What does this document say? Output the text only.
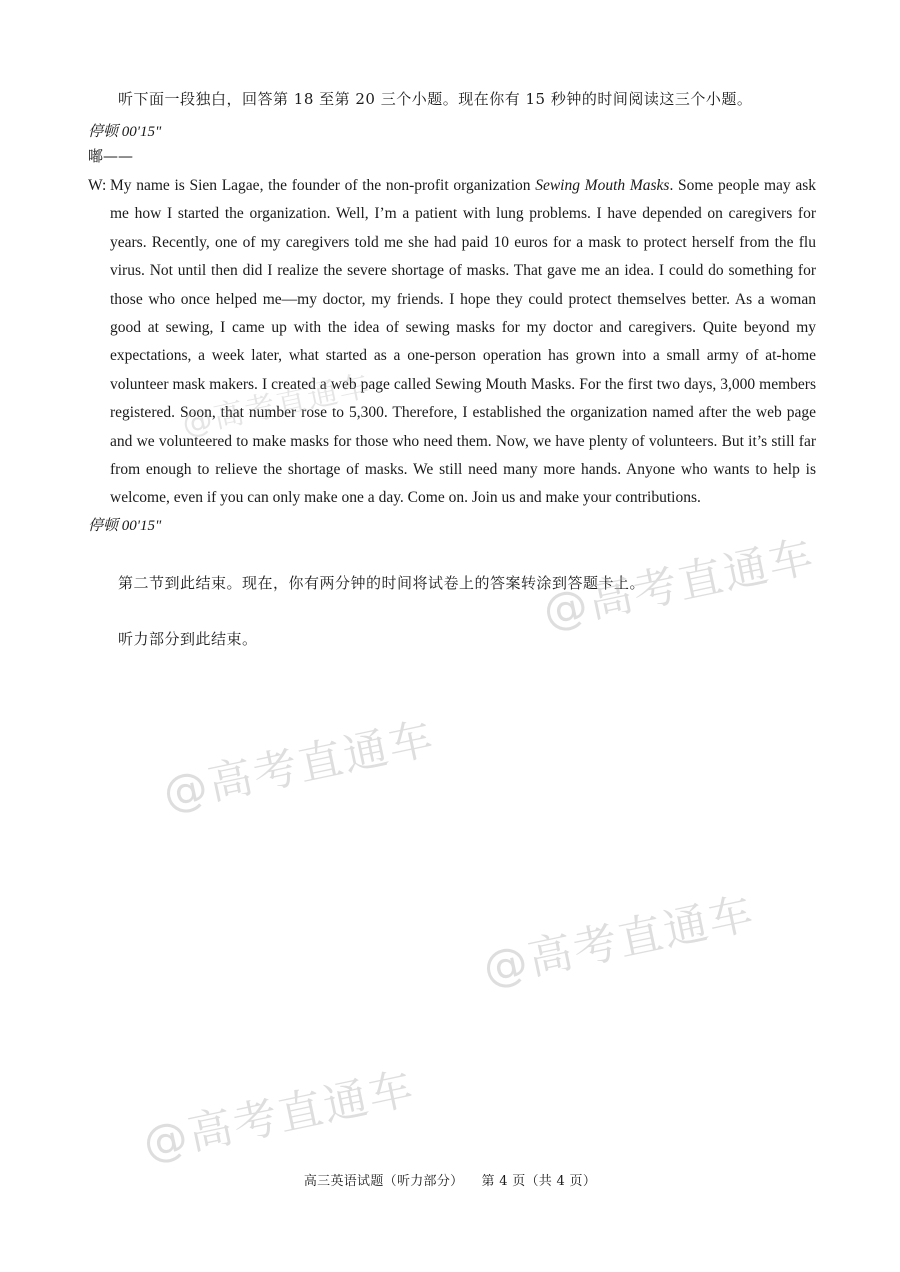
听下面一段独白，回答第 18 至第 20 三个小题。现在你有 15 秒钟的时间阅读这三个小题。
停顿 00'15"
嘟——
W: My name is Sien Lagae, the founder of the non-profit organization Sewing Mouth Masks. Some people may ask me how I started the organization. Well, I’m a patient with lung problems. I have depended on caregivers for years. Recently, one of my caregivers told me she had paid 10 euros for a mask to protect herself from the flu virus. Not until then did I realize the severe shortage of masks. That gave me an idea. I could do something for those who once helped me—my doctor, my friends. I hope they could protect themselves better. As a woman good at sewing, I came up with the idea of sewing masks for my doctor and caregivers. Quite beyond my expectations, a week later, what started as a one-person operation has grown into a small army of at-home volunteer mask makers. I created a web page called Sewing Mouth Masks. For the first two days, 3,000 members registered. Soon, that number rose to 5,300. Therefore, I established the organization named after the web page and we volunteered to make masks for those who need them. Now, we have plenty of volunteers. But it’s still far from enough to relieve the shortage of masks. We still need many more hands. Anyone who wants to help is welcome, even if you can only make one a day. Come on. Join us and make your contributions.
停顿 00'15"
第二节到此结束。现在，你有两分钟的时间将试卷上的答案转涂到答题卡上。
听力部分到此结束。
高三英语试题（听力部分） 第 4 页（共 4 页）
@高考直通车
@高考直通车
@高考直通车
@高考直通车
@高考直通车
